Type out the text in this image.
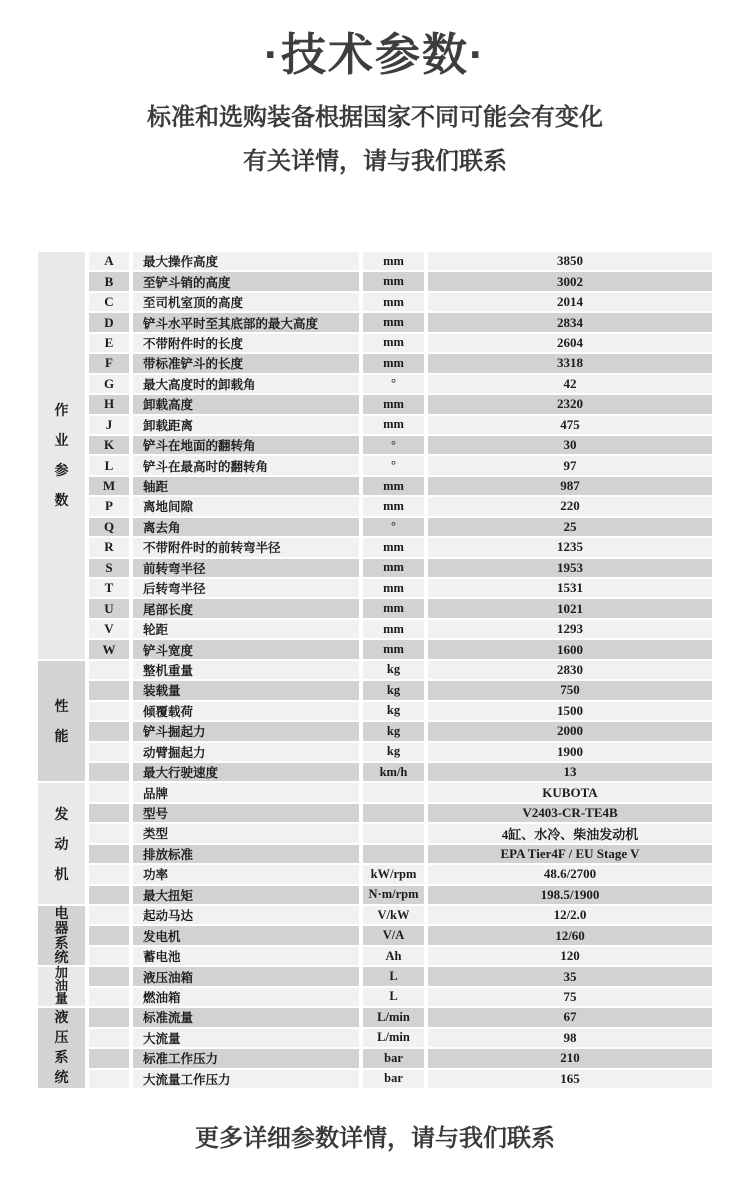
·技术参数·
标准和选购装备根据国家不同可能会有变化
有关详情，请与我们联系
作
业
参
数
A	最大操作高度	mm	3850
B	至铲斗销的高度	mm	3002
C	至司机室顶的高度	mm	2014
D	铲斗水平时至其底部的最大高度	mm	2834
E	不带附件时的长度	mm	2604
F	带标准铲斗的长度	mm	3318
G	最大高度时的卸载角	°	42
H	卸载高度	mm	2320
J	卸载距离	mm	475
K	铲斗在地面的翻转角	°	30
L	铲斗在最高时的翻转角	°	97
M	轴距	mm	987
P	离地间隙	mm	220
Q	离去角	°	25
R	不带附件时的前转弯半径	mm	1235
S	前转弯半径	mm	1953
T	后转弯半径	mm	1531
U	尾部长度	mm	1021
V	轮距	mm	1293
W	铲斗宽度	mm	1600
性
能
整机重量	kg	2830
装载量	kg	750
倾覆载荷	kg	1500
铲斗掘起力	kg	2000
动臂掘起力	kg	1900
最大行驶速度	km/h	13
发
动
机
品牌	KUBOTA
型号	V2403-CR-TE4B
类型	4缸、水冷、柴油发动机
排放标准	EPA Tier4F / EU Stage V
功率	kW/rpm	48.6/2700
最大扭矩	N·m/rpm	198.5/1900
电
器
系
统
起动马达	V/kW	12/2.0
发电机	V/A	12/60
蓄电池	Ah	120
加
油
量
液压油箱	L	35
燃油箱	L	75
液
压
系
统
标准流量	L/min	67
大流量	L/min	98
标准工作压力	bar	210
大流量工作压力	bar	165
更多详细参数详情，请与我们联系
